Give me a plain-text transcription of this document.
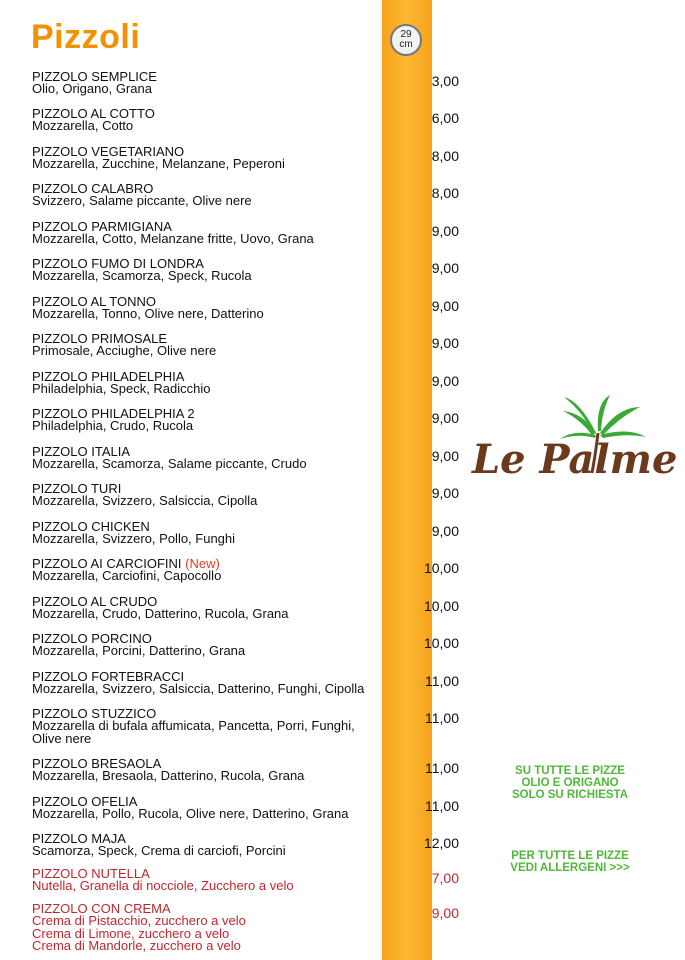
Pizzoli	29
cm
PIZZOLO SEMPLICE
Olio, Origano, Grana	3,00
PIZZOLO AL COTTO
Mozzarella, Cotto	6,00
PIZZOLO VEGETARIANO
Mozzarella, Zucchine, Melanzane, Peperoni	8,00
PIZZOLO CALABRO
Svizzero, Salame piccante, Olive nere	8,00
PIZZOLO PARMIGIANA
Mozzarella, Cotto, Melanzane fritte, Uovo, Grana	9,00
PIZZOLO FUMO DI LONDRA
Mozzarella, Scamorza, Speck, Rucola	9,00
PIZZOLO AL TONNO
Mozzarella, Tonno, Olive nere, Datterino	9,00
PIZZOLO PRIMOSALE
Primosale, Acciughe, Olive nere	9,00
PIZZOLO PHILADELPHIA
Philadelphia, Speck, Radicchio	9,00
PIZZOLO PHILADELPHIA 2
Philadelphia, Crudo, Rucola	9,00
PIZZOLO ITALIA
Mozzarella, Scamorza, Salame piccante, Crudo	9,00
PIZZOLO TURI
Mozzarella, Svizzero, Salsiccia, Cipolla	9,00
PIZZOLO CHICKEN
Mozzarella, Svizzero, Pollo, Funghi	9,00
PIZZOLO AI CARCIOFINI (New)
Mozzarella, Carciofini, Capocollo	10,00
PIZZOLO AL CRUDO
Mozzarella, Crudo, Datterino, Rucola, Grana	10,00
PIZZOLO PORCINO
Mozzarella, Porcini, Datterino, Grana	10,00
PIZZOLO FORTEBRACCI
Mozzarella, Svizzero, Salsiccia, Datterino, Funghi, Cipolla	11,00
PIZZOLO STUZZICO
Mozzarella di bufala affumicata, Pancetta, Porri, Funghi,
Olive nere
11,00
PIZZOLO BRESAOLA
Mozzarella, Bresaola, Datterino, Rucola, Grana	11,00
PIZZOLO OFELIA
Mozzarella, Pollo, Rucola, Olive nere, Datterino, Grana	11,00
PIZZOLO MAJA
Scamorza, Speck, Crema di carciofi, Porcini	12,00
PIZZOLO NUTELLA
Nutella, Granella di nocciole, Zucchero a velo	7,00
PIZZOLO CON CREMA
Crema di Pistacchio, zucchero a velo
Crema di Limone, zucchero a velo
Crema di Mandorle, zucchero a velo
9,00
Le Palme
SU TUTTE LE PIZZE
OLIO E ORIGANO
SOLO SU RICHIESTA
PER TUTTE LE PIZZE
VEDI ALLERGENI >>>
